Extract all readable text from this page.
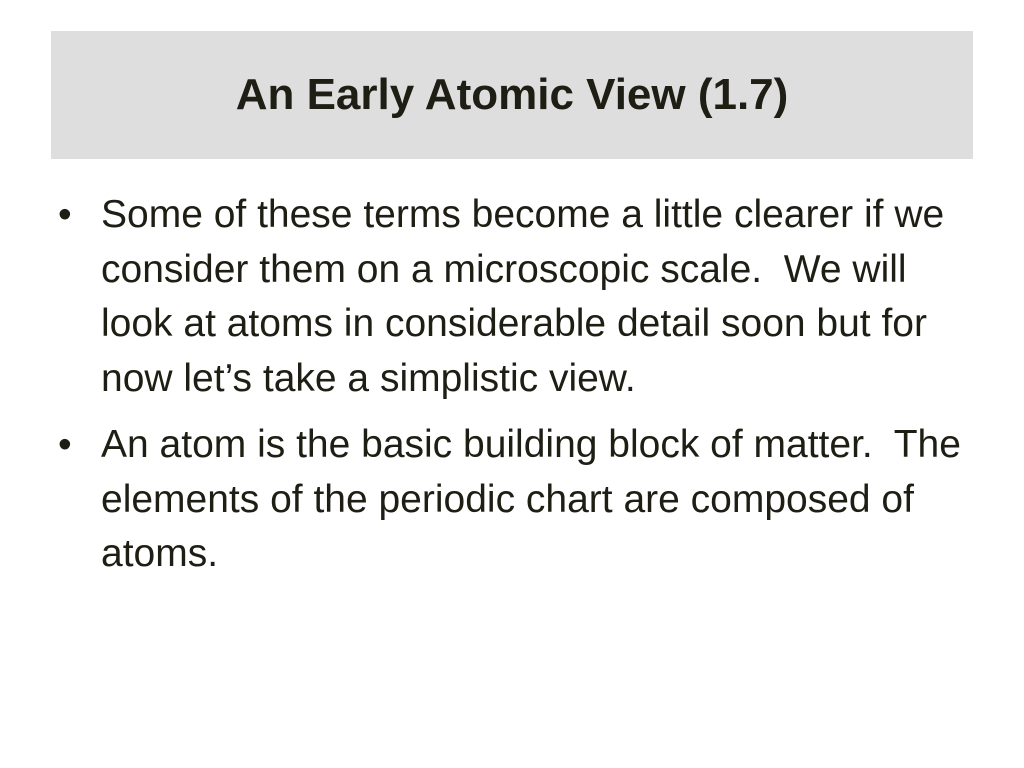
An Early Atomic View (1.7)
• Some of these terms become a little clearer if we consider them on a microscopic scale.  We will look at atoms in considerable detail soon but for now let’s take a simplistic view.
• An atom is the basic building block of matter.  The elements of the periodic chart are composed of atoms.
